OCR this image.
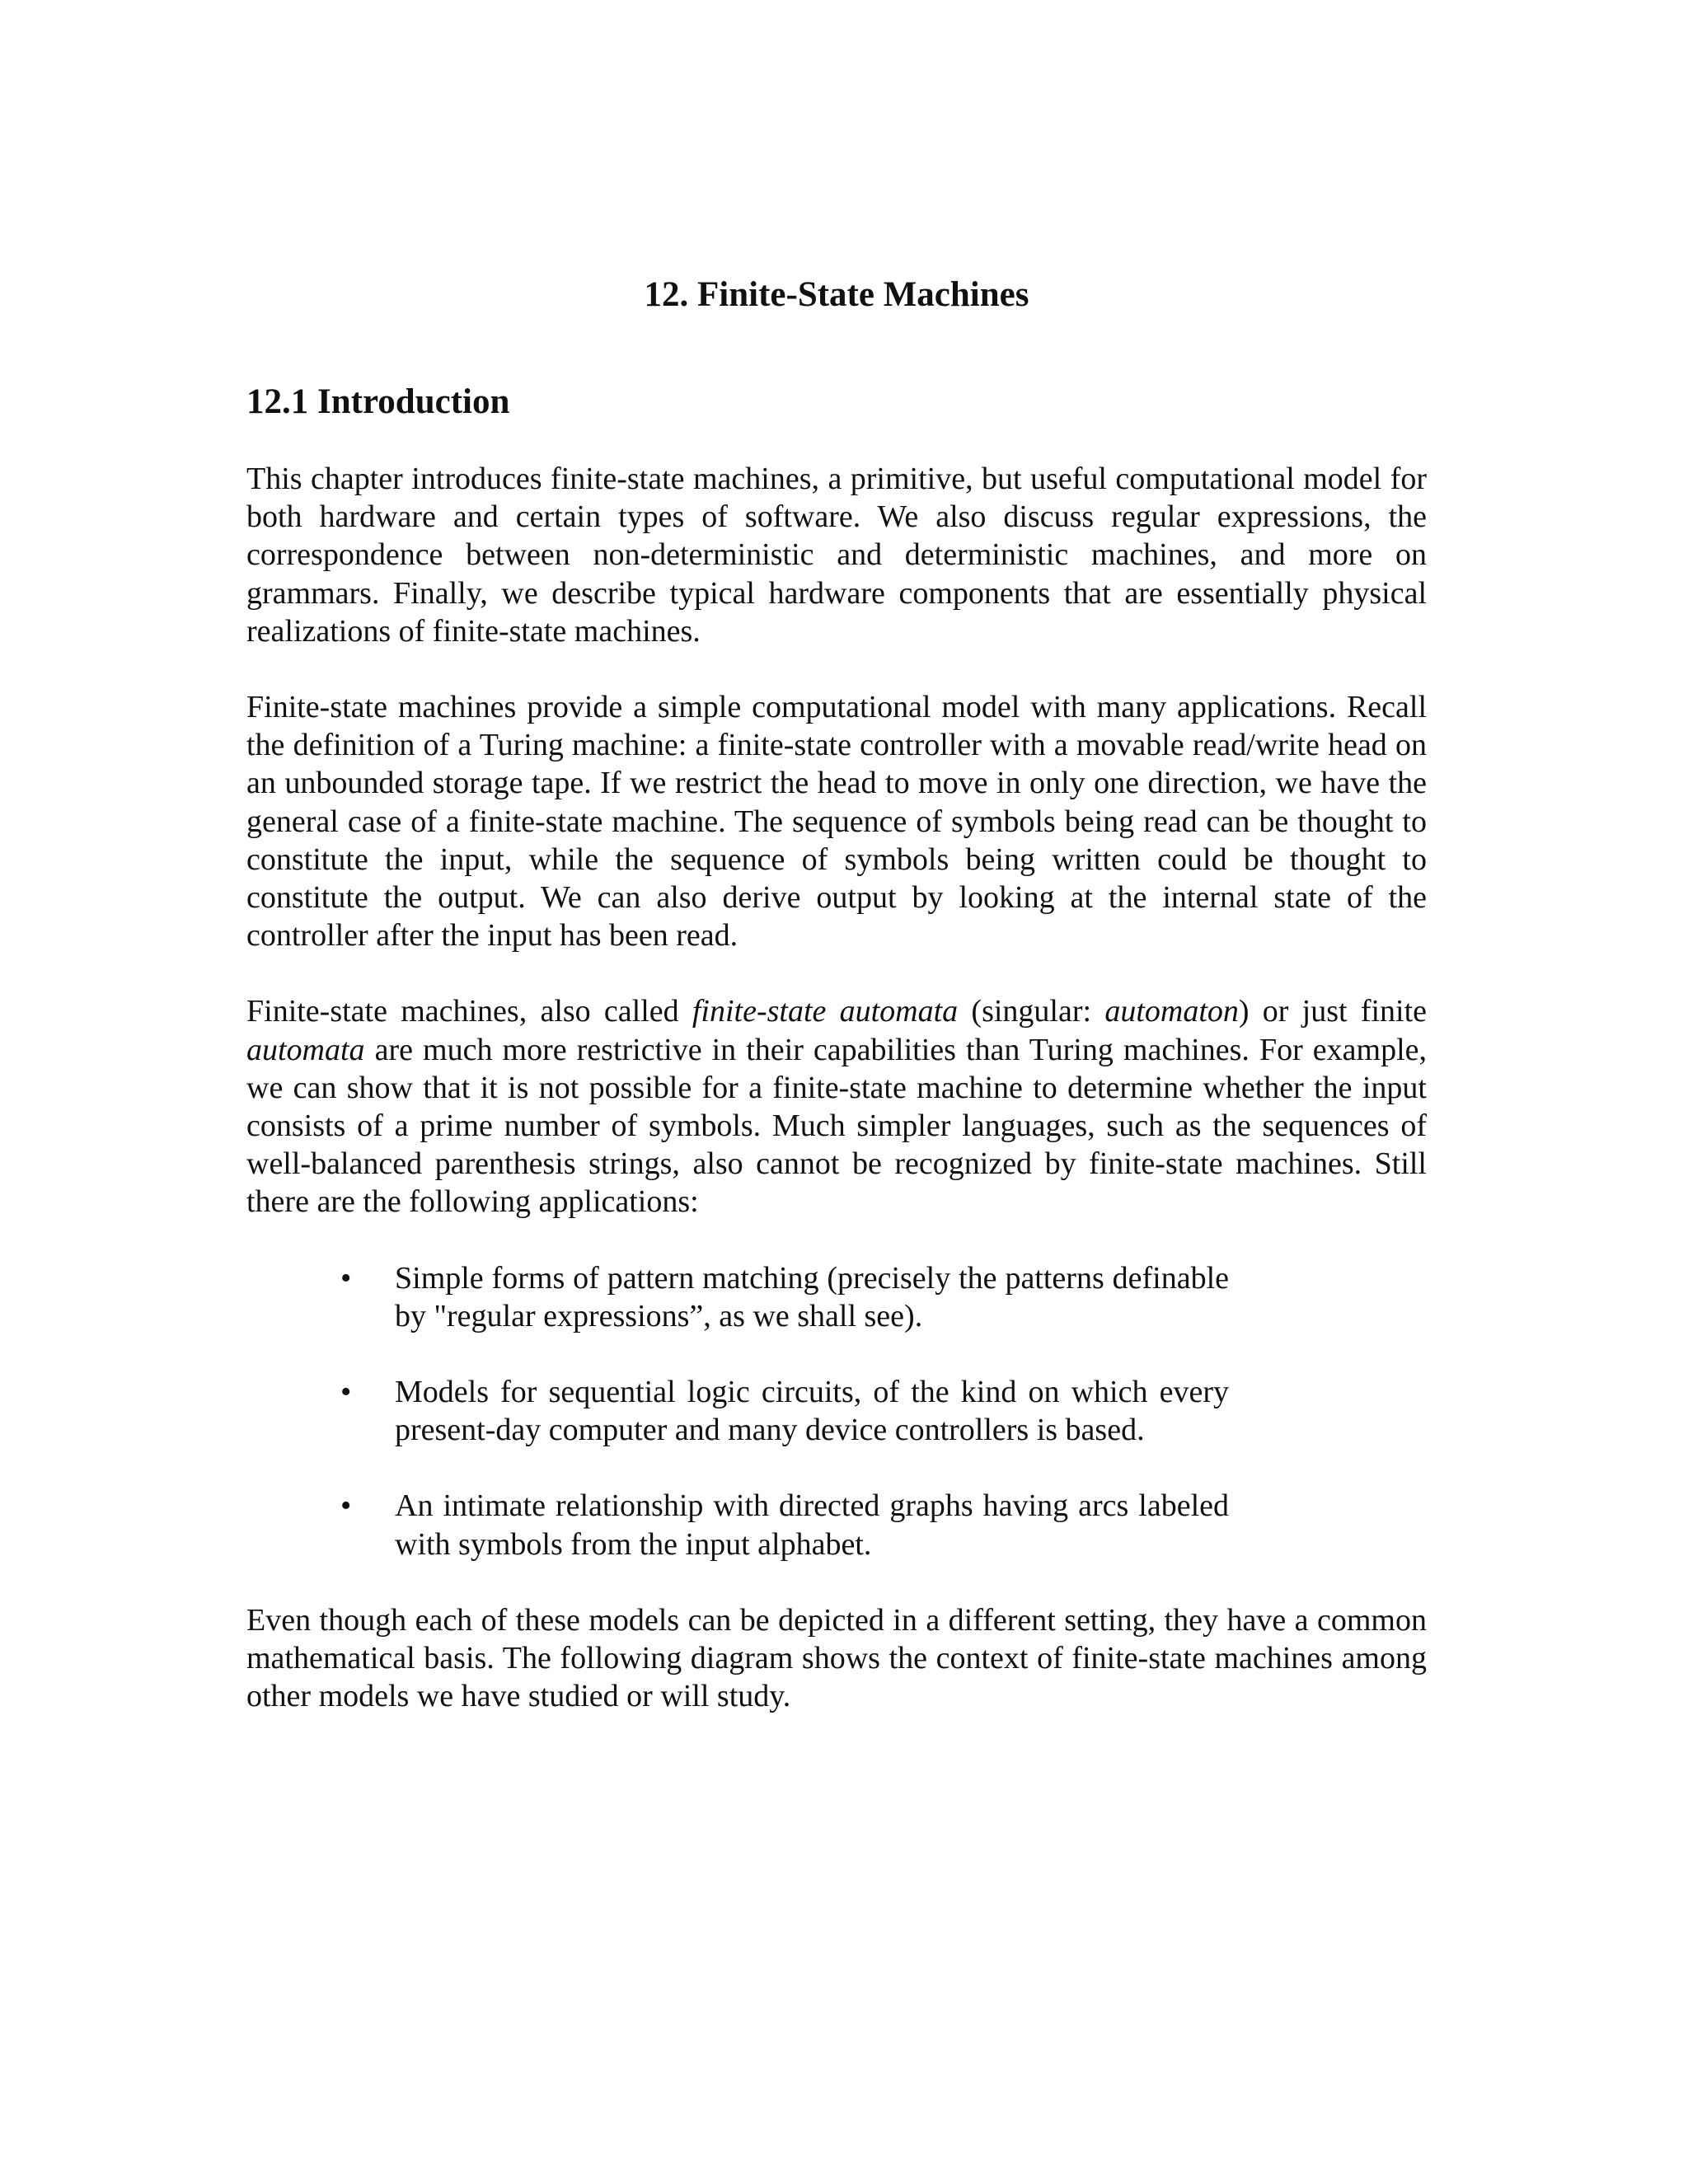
12. Finite-State Machines
12.1 Introduction

This chapter introduces finite-state machines, a primitive, but useful computational model for both hardware and certain types of software. We also discuss regular expressions, the correspondence between non-deterministic and deterministic machines, and more on grammars. Finally, we describe typical hardware components that are essentially physical realizations of finite-state machines.

Finite-state machines provide a simple computational model with many applications. Recall the definition of a Turing machine: a finite-state controller with a movable read/write head on an unbounded storage tape. If we restrict the head to move in only one direction, we have the general case of a finite-state machine. The sequence of symbols being read can be thought to constitute the input, while the sequence of symbols being written could be thought to constitute the output. We can also derive output by looking at the internal state of the controller after the input has been read.

Finite-state machines, also called finite-state automata (singular: automaton) or just finite automata are much more restrictive in their capabilities than Turing machines. For example, we can show that it is not possible for a finite-state machine to determine whether the input consists of a prime number of symbols. Much simpler languages, such as the sequences of well-balanced parenthesis strings, also cannot be recognized by finite-state machines. Still there are the following applications:

• Simple forms of pattern matching (precisely the patterns definable by "regular expressions”, as we shall see).
• Models for sequential logic circuits, of the kind on which every present-day computer and many device controllers is based.
• An intimate relationship with directed graphs having arcs labeled with symbols from the input alphabet.

Even though each of these models can be depicted in a different setting, they have a common mathematical basis. The following diagram shows the context of finite-state machines among other models we have studied or will study.
